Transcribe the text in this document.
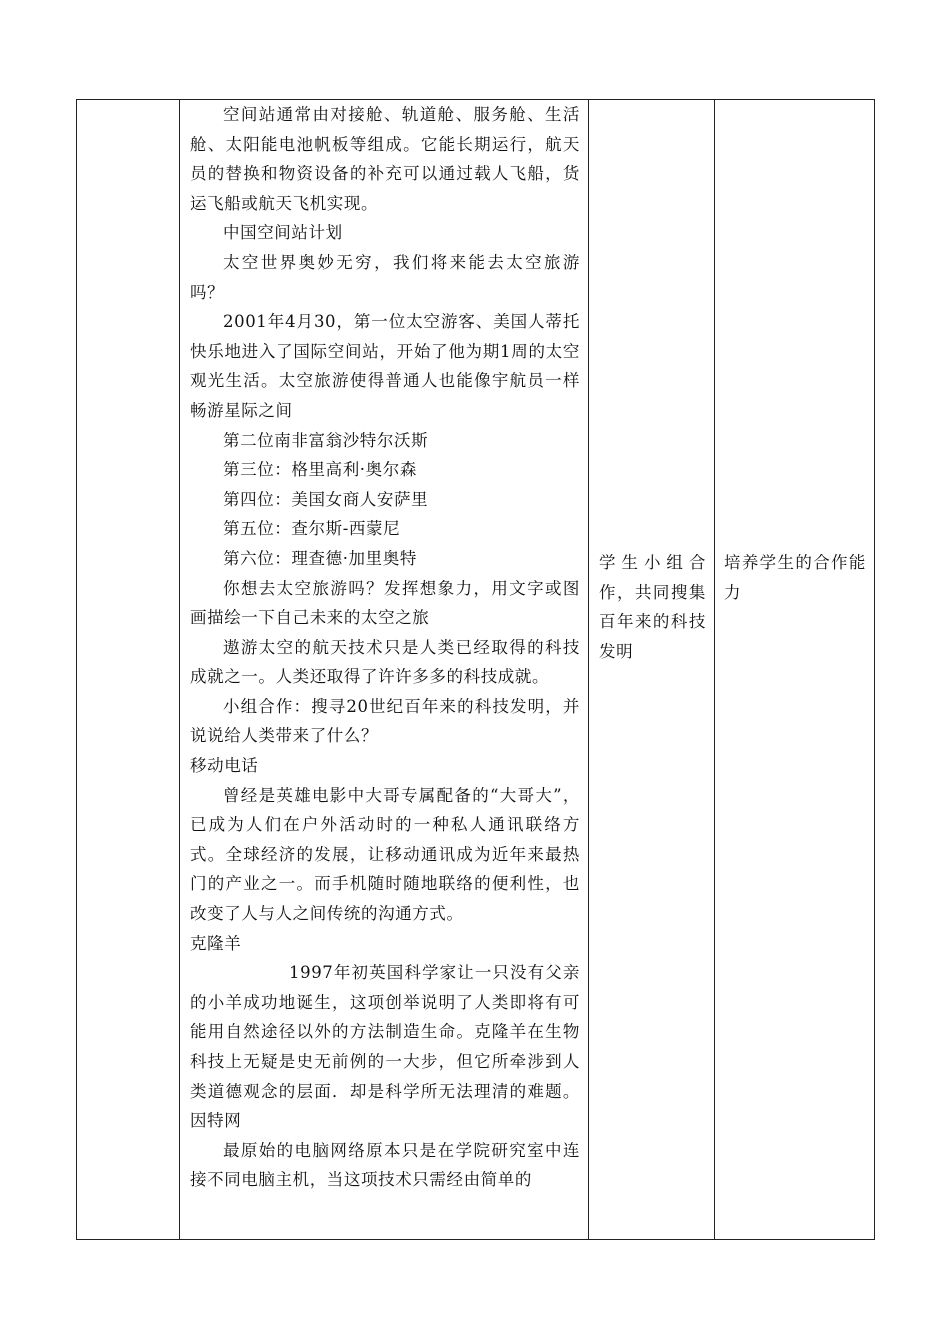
空间站通常由对接舱、轨道舱、服务舱、生活舱、太阳能电池帆板等组成。它能长期运行，航天员的替换和物资设备的补充可以通过载人飞船，货运飞船或航天飞机实现。

中国空间站计划

太空世界奥妙无穷，我们将来能去太空旅游吗？

2001年4月30，第一位太空游客、美国人蒂托快乐地进入了国际空间站，开始了他为期1周的太空观光生活。太空旅游使得普通人也能像宇航员一样畅游星际之间

第二位南非富翁沙特尔沃斯

第三位：格里高利·奥尔森

第四位：美国女商人安萨里

第五位：查尔斯-西蒙尼

第六位：理查德·加里奥特

你想去太空旅游吗？发挥想象力，用文字或图画描绘一下自己未来的太空之旅

遨游太空的航天技术只是人类已经取得的科技成就之一。人类还取得了许许多多的科技成就。

小组合作：搜寻20世纪百年来的科技发明，并说说给人类带来了什么？

移动电话

曾经是英雄电影中大哥专属配备的“大哥大”，已成为人们在户外活动时的一种私人通讯联络方式。全球经济的发展，让移动通讯成为近年来最热门的产业之一。而手机随时随地联络的便利性，也改变了人与人之间传统的沟通方式。

克隆羊

1997年初英国科学家让一只没有父亲的小羊成功地诞生，这项创举说明了人类即将有可能用自然途径以外的方法制造生命。克隆羊在生物科技上无疑是史无前例的一大步，但它所牵涉到人类道德观念的层面．却是科学所无法理清的难题。因特网

最原始的电脑网络原本只是在学院研究室中连接不同电脑主机，当这项技术只需经由简单的

学生小组合作，共同搜集百年来的科技发明

培养学生的合作能力
